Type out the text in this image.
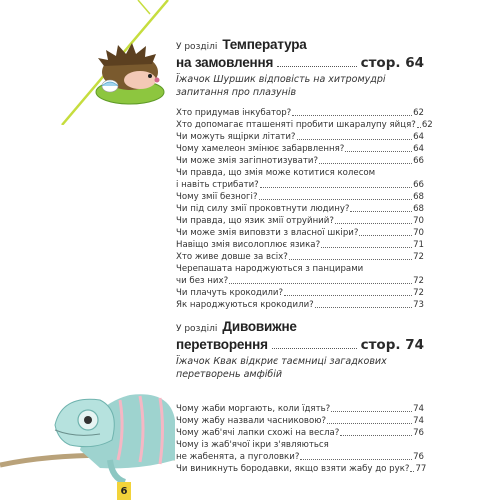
У розділі Температура
на замовлення	стор. 64
Їжачок Шуршик відповість на хитромудрі запитання про плазунів
Хто придумав інкубатор?	62
Хто допомагає пташеняті пробити шкаралупу яйця? 62
Чи можуть ящірки літати?	64
Чому хамелеон змінює забарвлення?	64
Чи може змія загіпнотизувати?	66
Чи правда, що змія може котитися колесом
і навіть стрибати?	66
Чому змії безногі?	68
Чи під силу змії проковтнути людину?	68
Чи правда, що язик змії отруйний?	70
Чи може змія виповзти з власної шкіри?	70
Навіщо змія висолоплює язика?	71
Хто живе довше за всіх?	72
Черепашата народжуються з панцирами
чи без них?	72
Чи плачуть крокодили?	72
Як народжуються крокодили?	73
У розділі Дивовижне
перетворення	стор. 74
Їжачок Квак відкриє таємниці загадкових перетворень амфібій
Чому жаби моргають, коли їдять?	74
Чому жабу назвали часниковою?	74
Чому жаб'ячі лапки схожі на весла?	76
Чому із жаб'ячої ікри з'являються
не жабенята, а пуголовки?	76
Чи виникнуть бородавки, якщо взяти жабу до рук? 77
6
